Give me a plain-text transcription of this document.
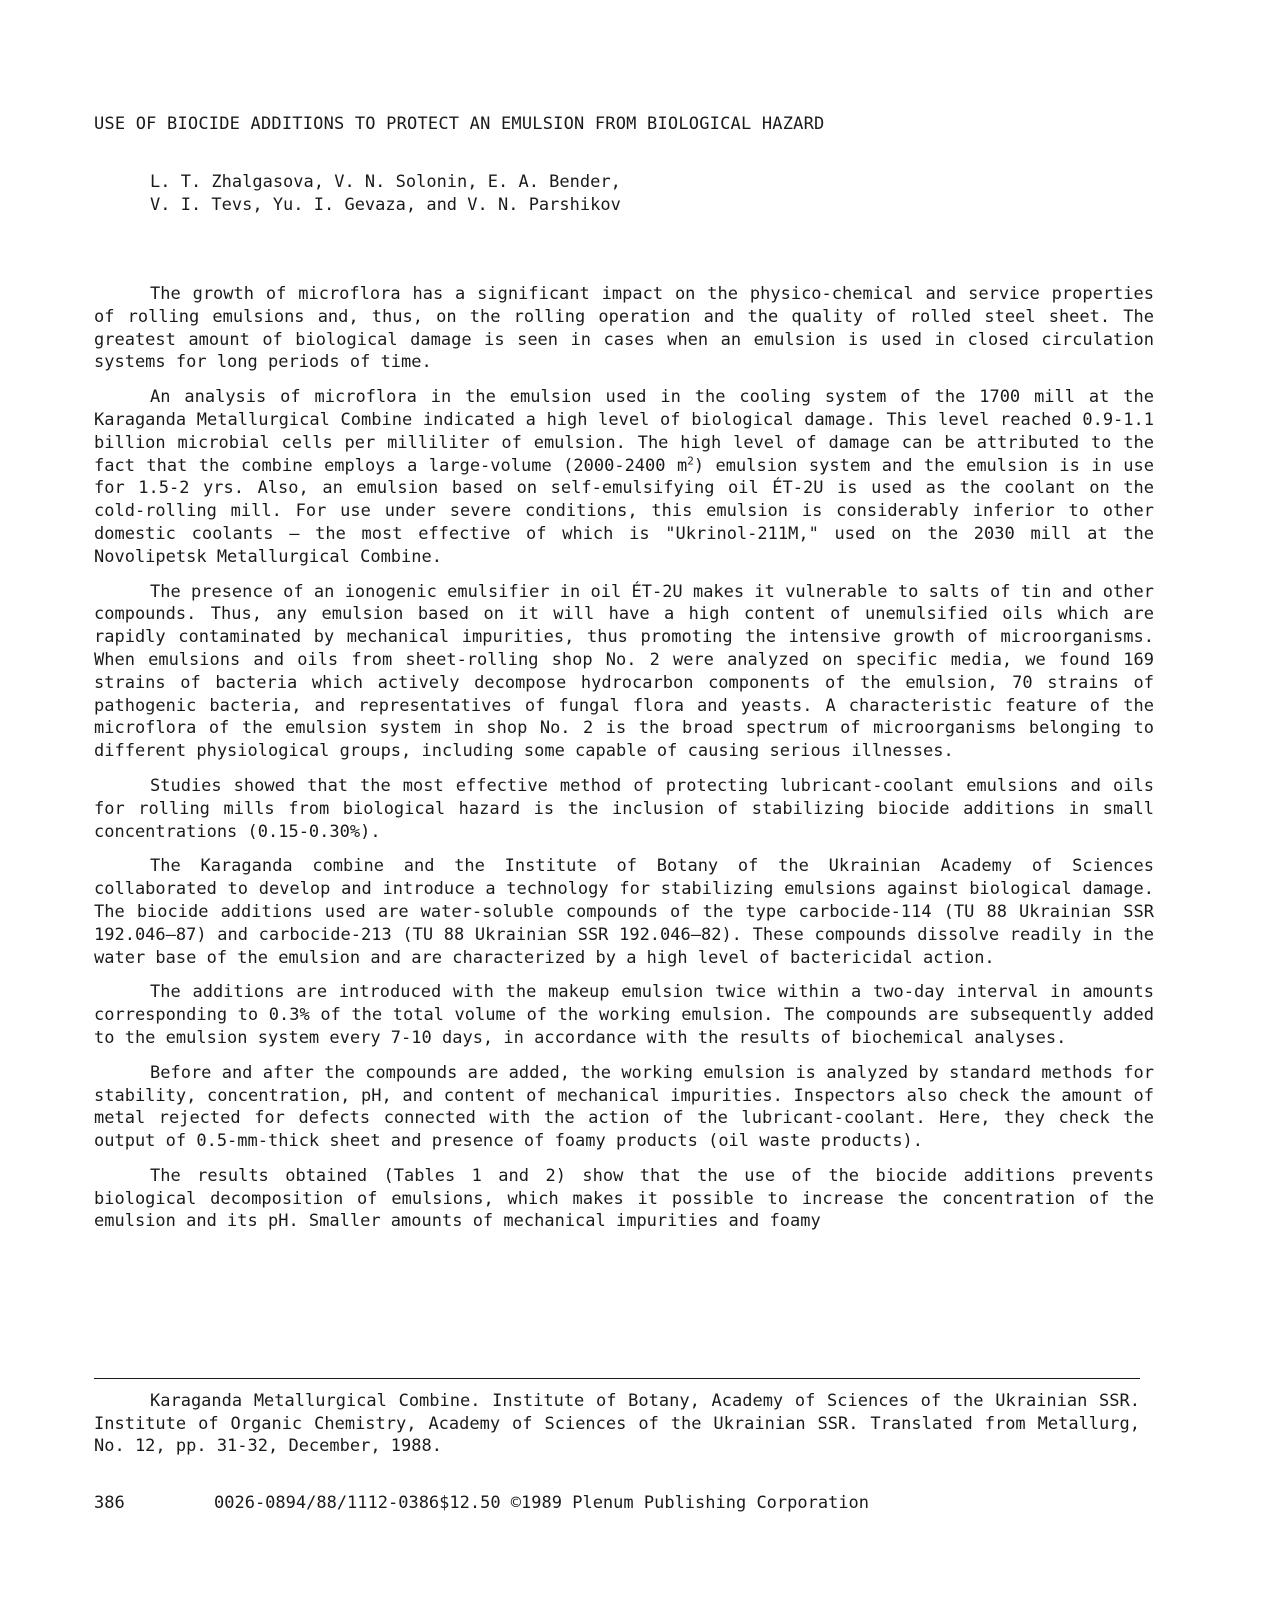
USE OF BIOCIDE ADDITIONS TO PROTECT AN EMULSION FROM BIOLOGICAL HAZARD
L. T. Zhalgasova, V. N. Solonin, E. A. Bender,
V. I. Tevs, Yu. I. Gevaza, and V. N. Parshikov

The growth of microflora has a significant impact on the physico-chemical and service properties of rolling emulsions and, thus, on the rolling operation and the quality of rolled steel sheet. The greatest amount of biological damage is seen in cases when an emulsion is used in closed circulation systems for long periods of time.

An analysis of microflora in the emulsion used in the cooling system of the 1700 mill at the Karaganda Metallurgical Combine indicated a high level of biological damage. This level reached 0.9-1.1 billion microbial cells per milliliter of emulsion. The high level of damage can be attributed to the fact that the combine employs a large-volume (2000-2400 $m^2$) emulsion system and the emulsion is in use for 1.5-2 yrs. Also, an emulsion based on self-emulsifying oil ÉT-2U is used as the coolant on the cold-rolling mill. For use under severe conditions, this emulsion is considerably inferior to other domestic coolants – the most effective of which is "Ukrinol-211M," used on the 2030 mill at the Novolipetsk Metallurgical Combine.

The presence of an ionogenic emulsifier in oil ÉT-2U makes it vulnerable to salts of tin and other compounds. Thus, any emulsion based on it will have a high content of unemulsified oils which are rapidly contaminated by mechanical impurities, thus promoting the intensive growth of microorganisms. When emulsions and oils from sheet-rolling shop No. 2 were analyzed on specific media, we found 169 strains of bacteria which actively decompose hydrocarbon components of the emulsion, 70 strains of pathogenic bacteria, and representatives of fungal flora and yeasts. A characteristic feature of the microflora of the emulsion system in shop No. 2 is the broad spectrum of microorganisms belonging to different physiological groups, including some capable of causing serious illnesses.

Studies showed that the most effective method of protecting lubricant-coolant emulsions and oils for rolling mills from biological hazard is the inclusion of stabilizing biocide additions in small concentrations (0.15-0.30%).

The Karaganda combine and the Institute of Botany of the Ukrainian Academy of Sciences collaborated to develop and introduce a technology for stabilizing emulsions against biological damage. The biocide additions used are water-soluble compounds of the type carbocide-114 (TU 88 Ukrainian SSR 192.046–87) and carbocide-213 (TU 88 Ukrainian SSR 192.046–82). These compounds dissolve readily in the water base of the emulsion and are characterized by a high level of bactericidal action.

The additions are introduced with the makeup emulsion twice within a two-day interval in amounts corresponding to 0.3% of the total volume of the working emulsion. The compounds are subsequently added to the emulsion system every 7-10 days, in accordance with the results of biochemical analyses.

Before and after the compounds are added, the working emulsion is analyzed by standard methods for stability, concentration, pH, and content of mechanical impurities. Inspectors also check the amount of metal rejected for defects connected with the action of the lubricant-coolant. Here, they check the output of 0.5-mm-thick sheet and presence of foamy products (oil waste products).

The results obtained (Tables 1 and 2) show that the use of the biocide additions prevents biological decomposition of emulsions, which makes it possible to increase the concentration of the emulsion and its pH. Smaller amounts of mechanical impurities and foamy

Karaganda Metallurgical Combine. Institute of Botany, Academy of Sciences of the Ukrainian SSR. Institute of Organic Chemistry, Academy of Sciences of the Ukrainian SSR. Translated from Metallurg, No. 12, pp. 31-32, December, 1988.
386	0026-0894/88/1112-0386$12.50 ©1989 Plenum Publishing Corporation
